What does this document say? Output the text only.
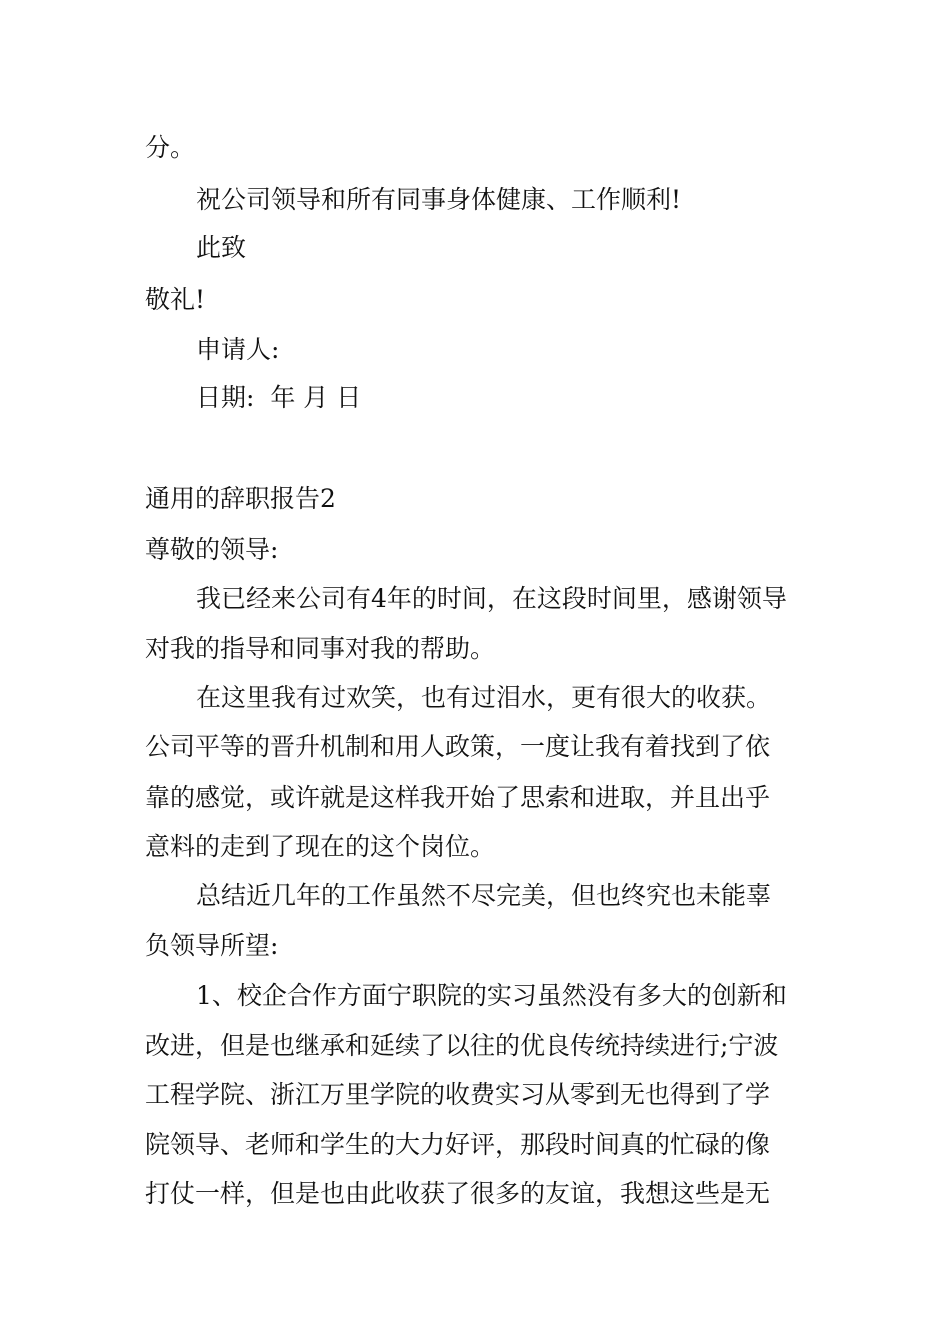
分。
祝公司领导和所有同事身体健康、工作顺利!
此致
敬礼!
申请人:
日期:  年 月 日
通用的辞职报告2
尊敬的领导:
我已经来公司有4年的时间，在这段时间里，感谢领导
对我的指导和同事对我的帮助。
在这里我有过欢笑，也有过泪水，更有很大的收获。
公司平等的晋升机制和用人政策，一度让我有着找到了依
靠的感觉，或许就是这样我开始了思索和进取，并且出乎
意料的走到了现在的这个岗位。
总结近几年的工作虽然不尽完美，但也终究也未能辜
负领导所望:
1、校企合作方面宁职院的实习虽然没有多大的创新和
改进，但是也继承和延续了以往的优良传统持续进行;宁波
工程学院、浙江万里学院的收费实习从零到无也得到了学
院领导、老师和学生的大力好评，那段时间真的忙碌的像
打仗一样，但是也由此收获了很多的友谊，我想这些是无
